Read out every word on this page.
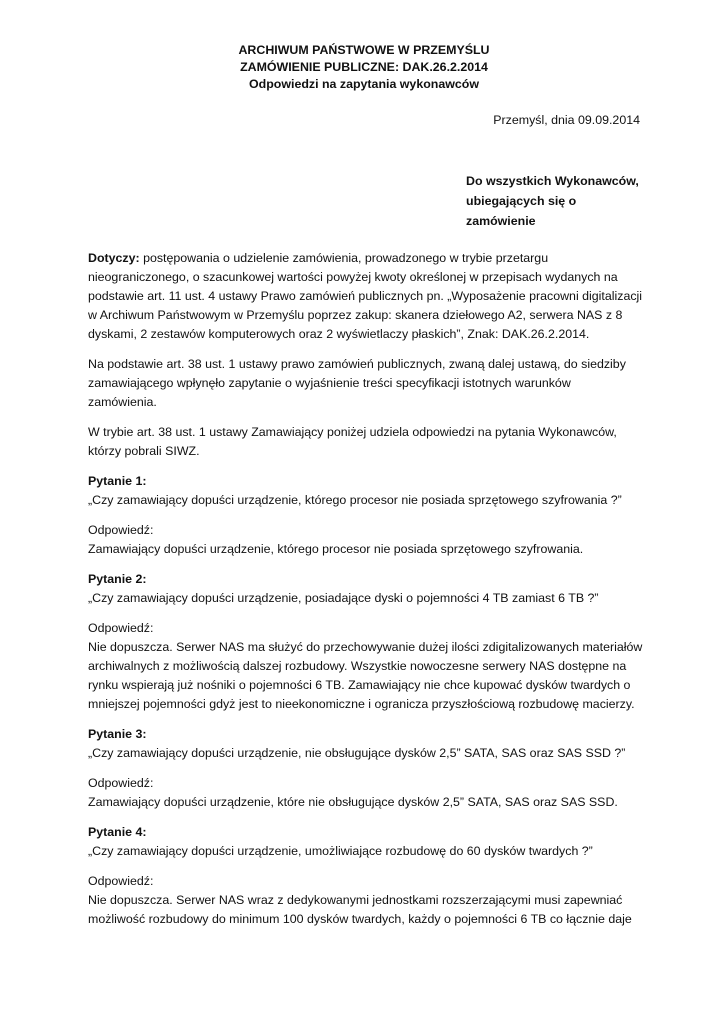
ARCHIWUM PAŃSTWOWE W PRZEMYŚLU
ZAMÓWIENIE PUBLICZNE: DAK.26.2.2014
Odpowiedzi na zapytania wykonawców
Przemyśl, dnia 09.09.2014
Do wszystkich Wykonawców,
ubiegających się o zamówienie
Dotyczy: postępowania o udzielenie zamówienia, prowadzonego w trybie przetargu
nieograniczonego, o szacunkowej wartości powyżej kwoty określonej w przepisach wydanych na
podstawie art. 11 ust. 4 ustawy Prawo zamówień publicznych pn. „Wyposażenie pracowni digitalizacji
w Archiwum Państwowym w Przemyślu poprzez zakup: skanera dziełowego A2, serwera NAS z 8
dyskami, 2 zestawów komputerowych oraz 2 wyświetlaczy płaskich”, Znak: DAK.26.2.2014.
Na podstawie art. 38 ust. 1 ustawy prawo zamówień publicznych, zwaną dalej ustawą, do siedziby
zamawiającego wpłynęło zapytanie o wyjaśnienie treści specyfikacji istotnych warunków
zamówienia.
W trybie art. 38 ust. 1 ustawy Zamawiający poniżej udziela odpowiedzi na pytania Wykonawców,
którzy pobrali SIWZ.
Pytanie 1:
„Czy zamawiający dopuści urządzenie, którego procesor nie posiada sprzętowego szyfrowania ?”
Odpowiedź:
Zamawiający dopuści urządzenie, którego procesor nie posiada sprzętowego szyfrowania.
Pytanie 2:
„Czy zamawiający dopuści urządzenie, posiadające dyski o pojemności 4 TB zamiast 6 TB ?”
Odpowiedź:
Nie dopuszcza. Serwer NAS ma służyć do przechowywanie dużej ilości zdigitalizowanych materiałów
archiwalnych z możliwością dalszej rozbudowy. Wszystkie nowoczesne serwery NAS dostępne na
rynku wspierają już nośniki o pojemności 6 TB. Zamawiający nie chce kupować dysków twardych o
mniejszej pojemności gdyż jest to nieekonomiczne i ogranicza przyszłościową rozbudowę macierzy.
Pytanie 3:
„Czy zamawiający dopuści urządzenie, nie obsługujące dysków 2,5” SATA, SAS oraz SAS SSD ?”
Odpowiedź:
Zamawiający dopuści urządzenie, które nie obsługujące dysków 2,5” SATA, SAS oraz SAS SSD.
Pytanie 4:
„Czy zamawiający dopuści urządzenie, umożliwiające rozbudowę do 60 dysków twardych ?”
Odpowiedź:
Nie dopuszcza. Serwer NAS wraz z dedykowanymi jednostkami rozszerzającymi musi zapewniać
możliwość rozbudowy do minimum 100 dysków twardych, każdy o pojemności 6 TB co łącznie daje
